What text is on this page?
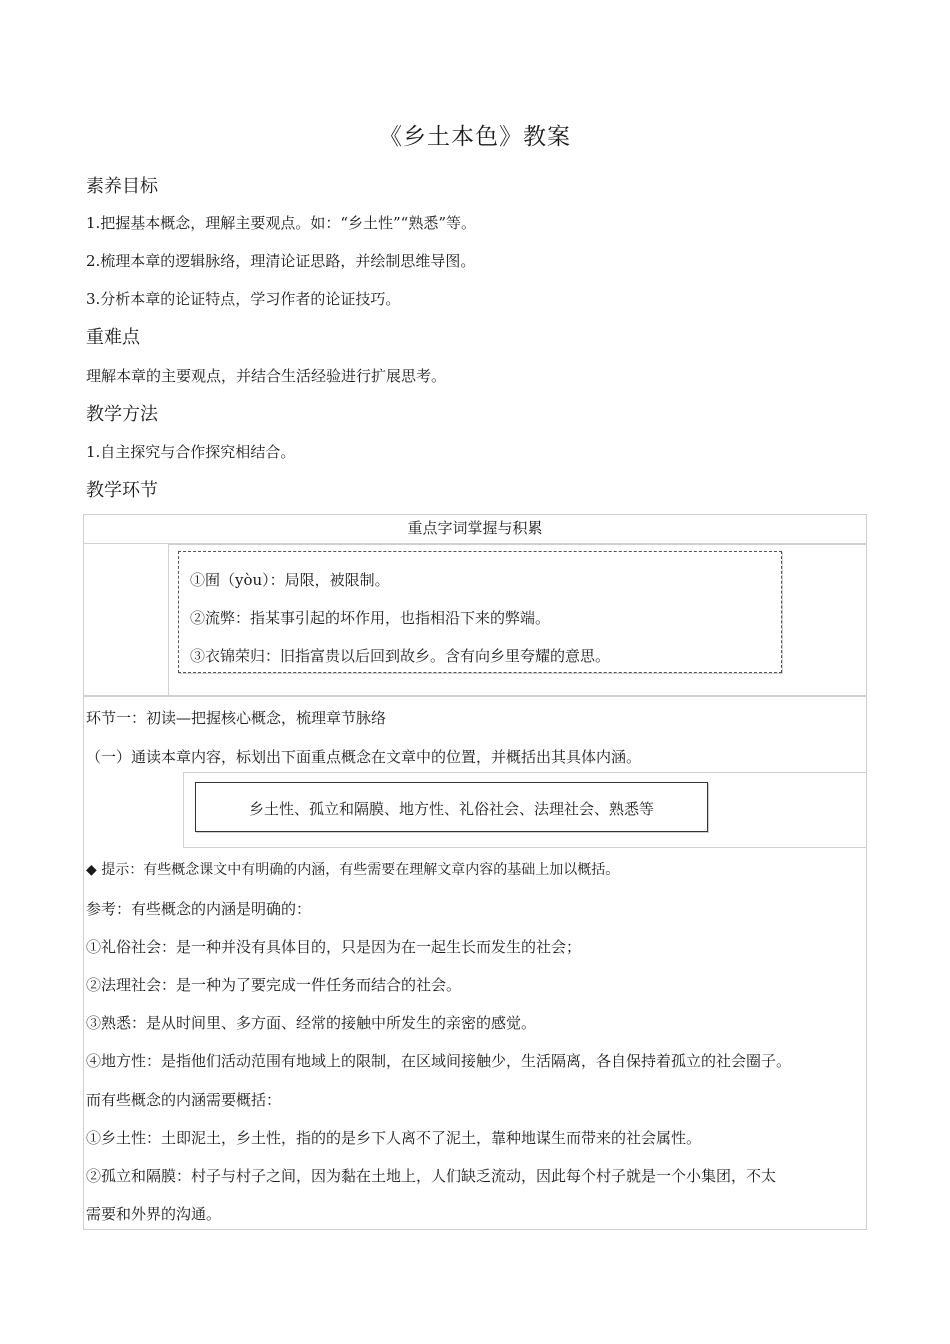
《乡土本色》教案
素养目标
1.把握基本概念，理解主要观点。如：“乡土性”“熟悉”等。
2.梳理本章的逻辑脉络，理清论证思路，并绘制思维导图。
3.分析本章的论证特点，学习作者的论证技巧。
重难点
理解本章的主要观点，并结合生活经验进行扩展思考。
教学方法
1.自主探究与合作探究相结合。
教学环节
重点字词掌握与积累
①囿（yòu）：局限，被限制。
②流弊：指某事引起的坏作用，也指相沿下来的弊端。
③衣锦荣归：旧指富贵以后回到故乡。含有向乡里夸耀的意思。
环节一：初读—把握核心概念，梳理章节脉络
（一）通读本章内容，标划出下面重点概念在文章中的位置，并概括出其具体内涵。
乡土性、孤立和隔膜、地方性、礼俗社会、法理社会、熟悉等
◆ 提示：有些概念课文中有明确的内涵，有些需要在理解文章内容的基础上加以概括。
参考：有些概念的内涵是明确的：
①礼俗社会：是一种并没有具体目的，只是因为在一起生长而发生的社会；
②法理社会：是一种为了要完成一件任务而结合的社会。
③熟悉：是从时间里、多方面、经常的接触中所发生的亲密的感觉。
④地方性：是指他们活动范围有地域上的限制，在区域间接触少，生活隔离，各自保持着孤立的社会圈子。
而有些概念的内涵需要概括：
①乡土性：土即泥土，乡土性，指的的是乡下人离不了泥土，靠种地谋生而带来的社会属性。
②孤立和隔膜：村子与村子之间，因为黏在土地上，人们缺乏流动，因此每个村子就是一个小集团，不太
需要和外界的沟通。
